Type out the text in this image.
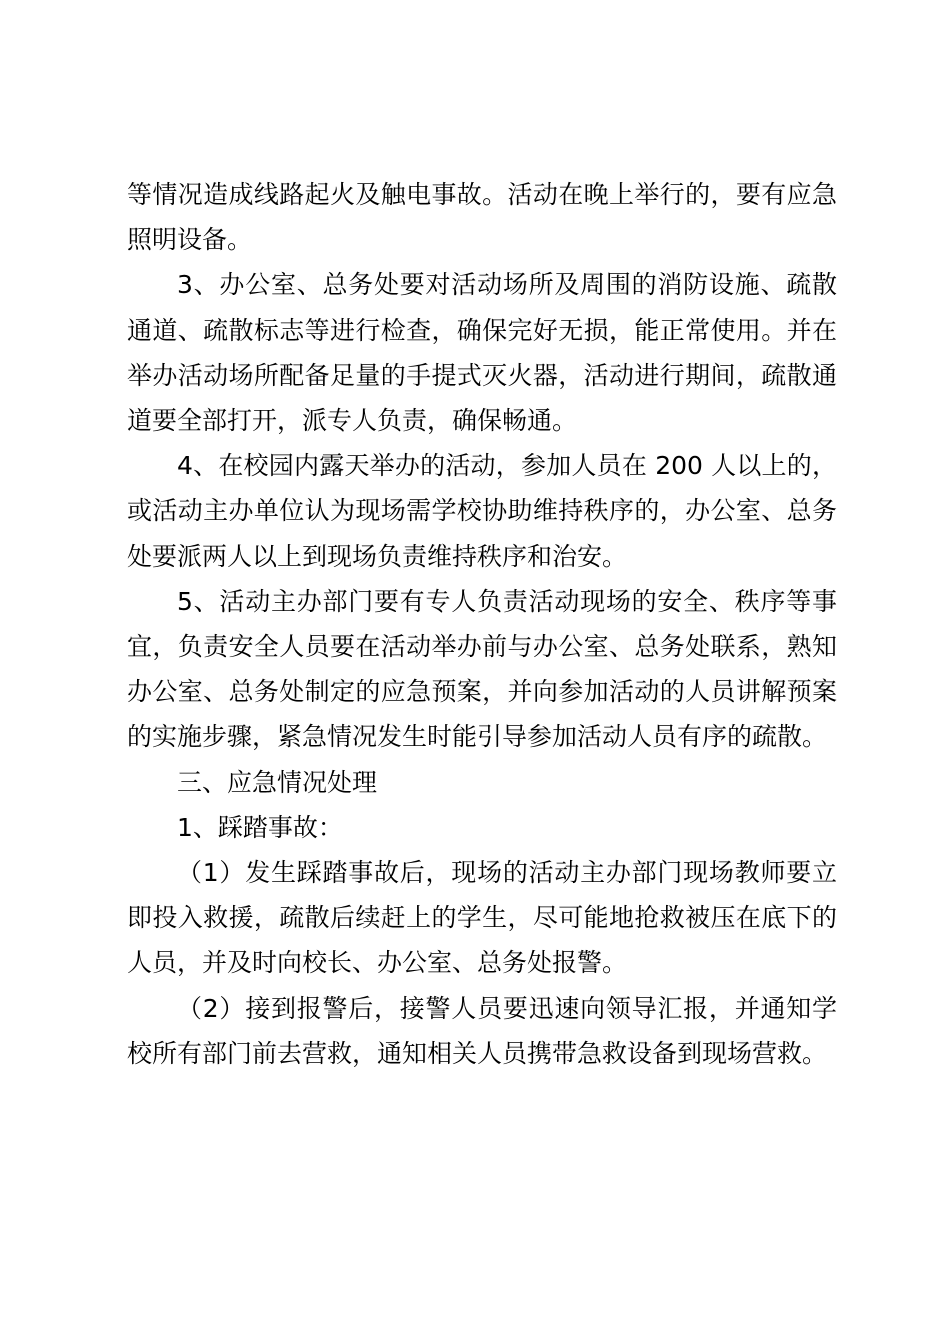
等情况造成线路起火及触电事故。活动在晚上举行的，要有应急照明设备。

3、办公室、总务处要对活动场所及周围的消防设施、疏散通道、疏散标志等进行检查，确保完好无损，能正常使用。并在举办活动场所配备足量的手提式灭火器，活动进行期间，疏散通道要全部打开，派专人负责，确保畅通。

4、在校园内露天举办的活动，参加人员在 200 人以上的，或活动主办单位认为现场需学校协助维持秩序的，办公室、总务处要派两人以上到现场负责维持秩序和治安。

5、活动主办部门要有专人负责活动现场的安全、秩序等事宜，负责安全人员要在活动举办前与办公室、总务处联系，熟知办公室、总务处制定的应急预案，并向参加活动的人员讲解预案的实施步骤，紧急情况发生时能引导参加活动人员有序的疏散。

三、应急情况处理

1、踩踏事故：

（1）发生踩踏事故后，现场的活动主办部门现场教师要立即投入救援，疏散后续赶上的学生，尽可能地抢救被压在底下的人员，并及时向校长、办公室、总务处报警。

（2）接到报警后，接警人员要迅速向领导汇报，并通知学校所有部门前去营救，通知相关人员携带急救设备到现场营救。
